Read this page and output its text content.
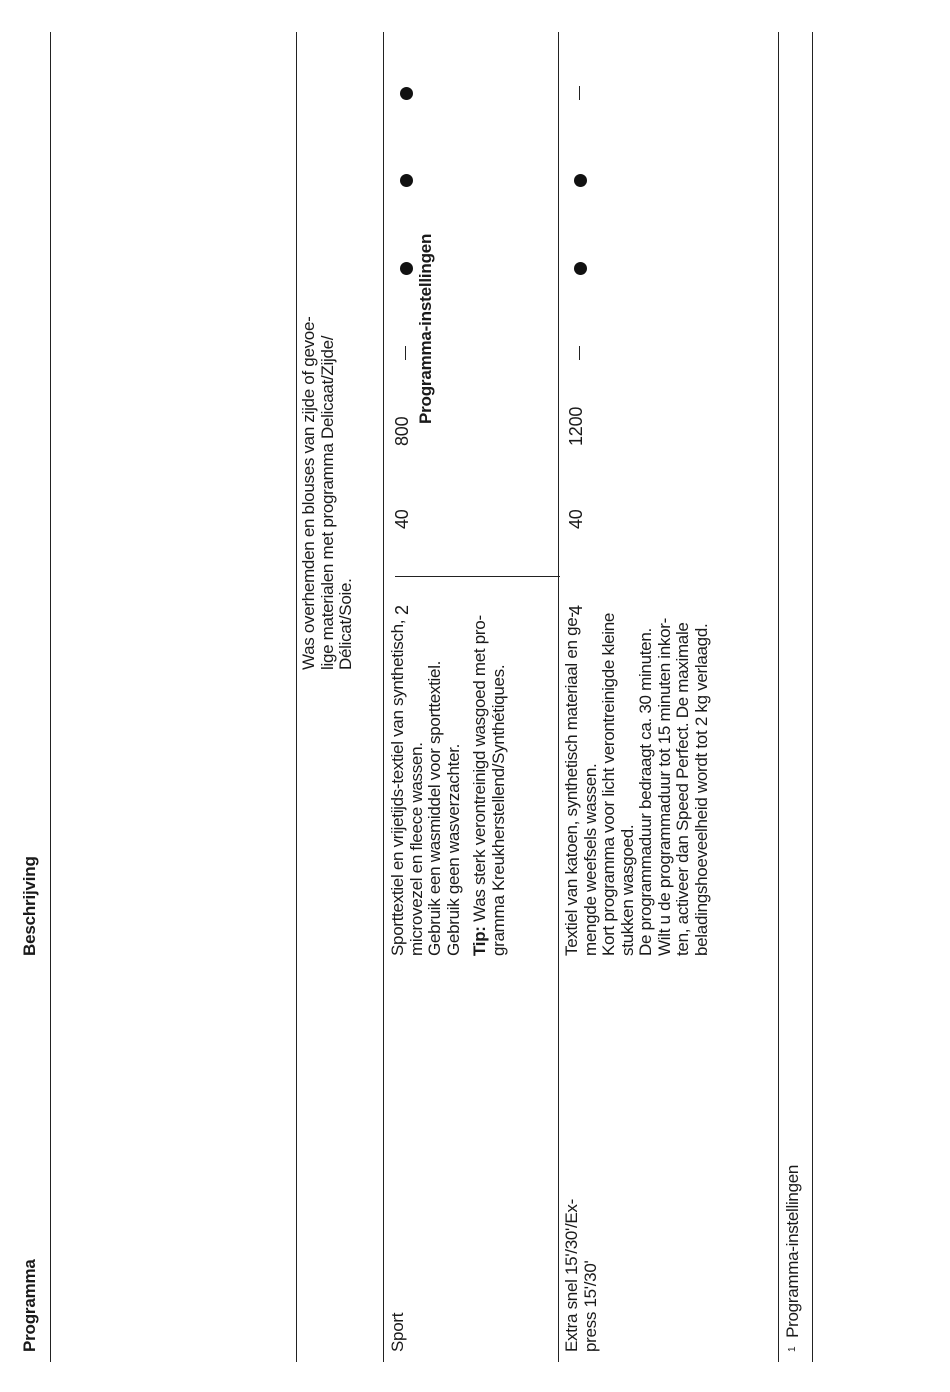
Programma
Beschrijving
Programma-instellingen
Was overhemden en blouses van zijde of gevoe- lige materialen met programma Delicaat/Zijde/ Délicat/Soie.
Sport
Sporttextiel en vrijetijds-textiel van synthetisch, microvezel en fleece wassen. Gebruik een wasmiddel voor sporttextiel. Gebruik geen wasverzachter. Tip: Was sterk verontreinigd wasgoed met pro- gramma Kreukherstellend/Synthétiques.
2
40
800
Extra snel 15'/30'/Ex- press 15'/30'
Textiel van katoen, synthetisch materiaal en ge- mengde weefsels wassen. Kort programma voor licht verontreinigde kleine stukken wasgoed. De programmaduur bedraagt ca. 30 minuten. Wilt u de programmaduur tot 15 minuten inkor- ten, activeer dan Speed Perfect. De maximale beladingshoeveelheid wordt tot 2 kg verlaagd.
4
40
1200
$^1$  Programma-instellingen
